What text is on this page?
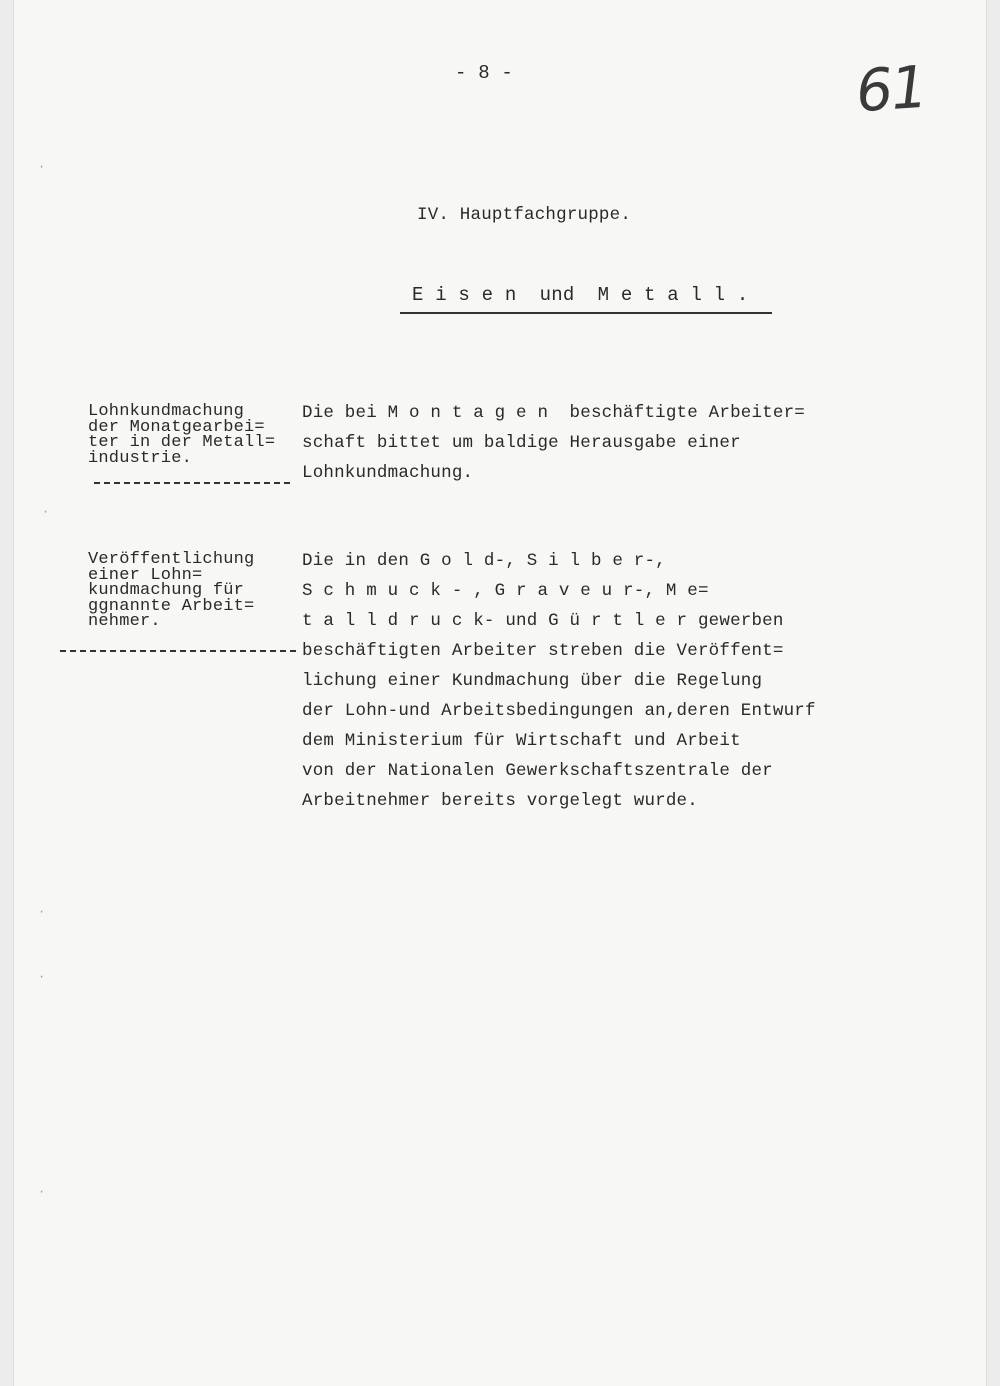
- 8 -	61
IV. Hauptfachgruppe.
E i s e n  und  M e t a l l .
Lohnkundmachung
der Monatgearbei=
ter in der Metall=
industrie.
Die bei M o n t a g e n  beschäftigte Arbeiter=
schaft bittet um baldige Herausgabe einer
Lohnkundmachung.
Veröffentlichung
einer Lohn=
kundmachung für
ggnannte Arbeit=
nehmer.
Die in den G o l d-, S i l b e r-,
S c h m u c k - , G r a v e u r-, M e=
t a l l d r u c k- und G ü r t l e r gewerben
beschäftigten Arbeiter streben die Veröffent=
lichung einer Kundmachung über die Regelung
der Lohn-und Arbeitsbedingungen an,deren Entwurf
dem Ministerium für Wirtschaft und Arbeit
von der Nationalen Gewerkschaftszentrale der
Arbeitnehmer bereits vorgelegt wurde.
·
·
·
·
·
